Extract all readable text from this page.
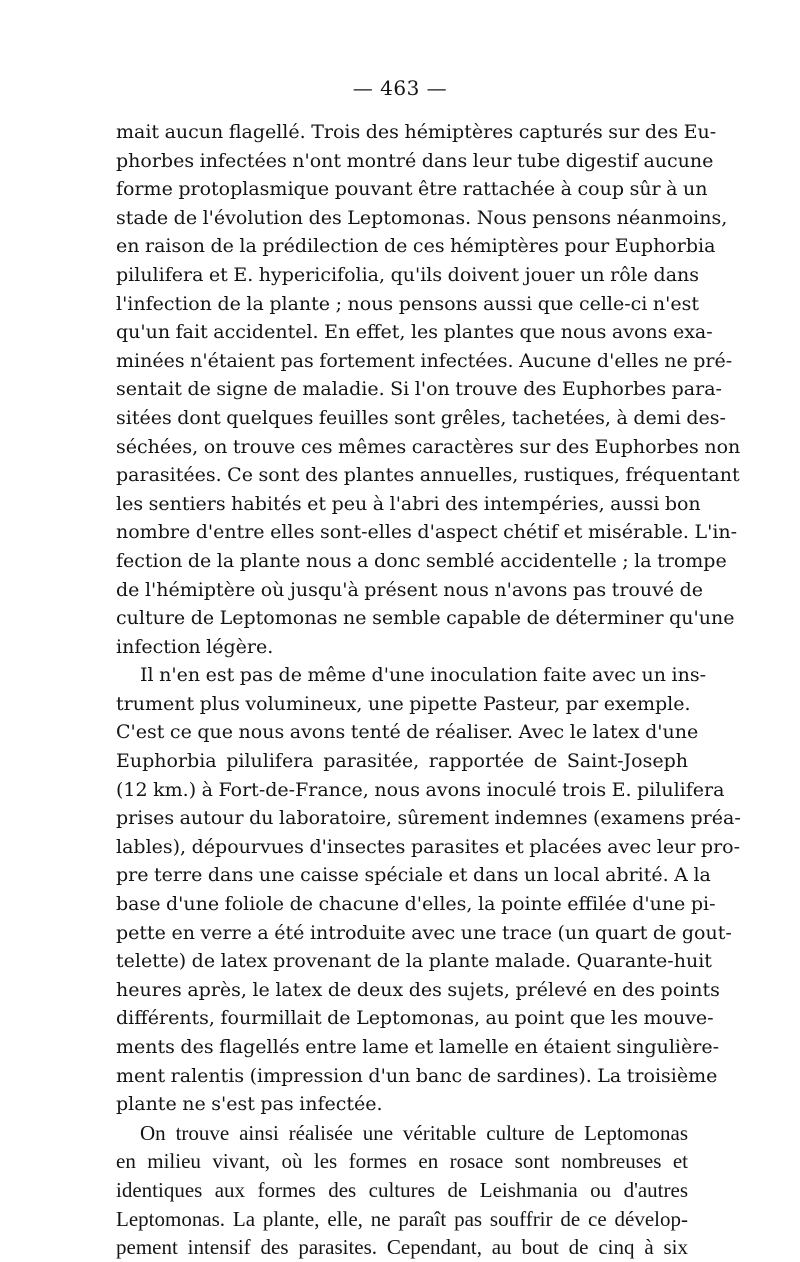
— 463 —
mait aucun flagellé. Trois des hémiptères capturés sur des Eu-
phorbes infectées n'ont montré dans leur tube digestif aucune
forme protoplasmique pouvant être rattachée à coup sûr à un
stade de l'évolution des Leptomonas. Nous pensons néanmoins,
en raison de la prédilection de ces hémiptères pour Euphorbia
pilulifera et E. hypericifolia, qu'ils doivent jouer un rôle dans
l'infection de la plante ; nous pensons aussi que celle-ci n'est
qu'un fait accidentel. En effet, les plantes que nous avons exa-
minées n'étaient pas fortement infectées. Aucune d'elles ne pré-
sentait de signe de maladie. Si l'on trouve des Euphorbes para-
sitées dont quelques feuilles sont grêles, tachetées, à demi des-
séchées, on trouve ces mêmes caractères sur des Euphorbes non
parasitées. Ce sont des plantes annuelles, rustiques, fréquentant
les sentiers habités et peu à l'abri des intempéries, aussi bon
nombre d'entre elles sont-elles d'aspect chétif et misérable. L'in-
fection de la plante nous a donc semblé accidentelle ; la trompe
de l'hémiptère où jusqu'à présent nous n'avons pas trouvé de
culture de Leptomonas ne semble capable de déterminer qu'une
infection légère.
Il n'en est pas de même d'une inoculation faite avec un ins-
trument plus volumineux, une pipette Pasteur, par exemple.
C'est ce que nous avons tenté de réaliser. Avec le latex d'une
Euphorbia pilulifera parasitée, rapportée de Saint-Joseph
(12 km.) à Fort-de-France, nous avons inoculé trois E. pilulifera
prises autour du laboratoire, sûrement indemnes (examens préa-
lables), dépourvues d'insectes parasites et placées avec leur pro-
pre terre dans une caisse spéciale et dans un local abrité. A la
base d'une foliole de chacune d'elles, la pointe effilée d'une pi-
pette en verre a été introduite avec une trace (un quart de gout-
telette) de latex provenant de la plante malade. Quarante-huit
heures après, le latex de deux des sujets, prélevé en des points
différents, fourmillait de Leptomonas, au point que les mouve-
ments des flagellés entre lame et lamelle en étaient singulière-
ment ralentis (impression d'un banc de sardines). La troisième
plante ne s'est pas infectée.
On trouve ainsi réalisée une véritable culture de Leptomonas
en milieu vivant, où les formes en rosace sont nombreuses et
identiques aux formes des cultures de Leishmania ou d'autres
Leptomonas. La plante, elle, ne paraît pas souffrir de ce dévelop-
pement intensif des parasites. Cependant, au bout de cinq à six
